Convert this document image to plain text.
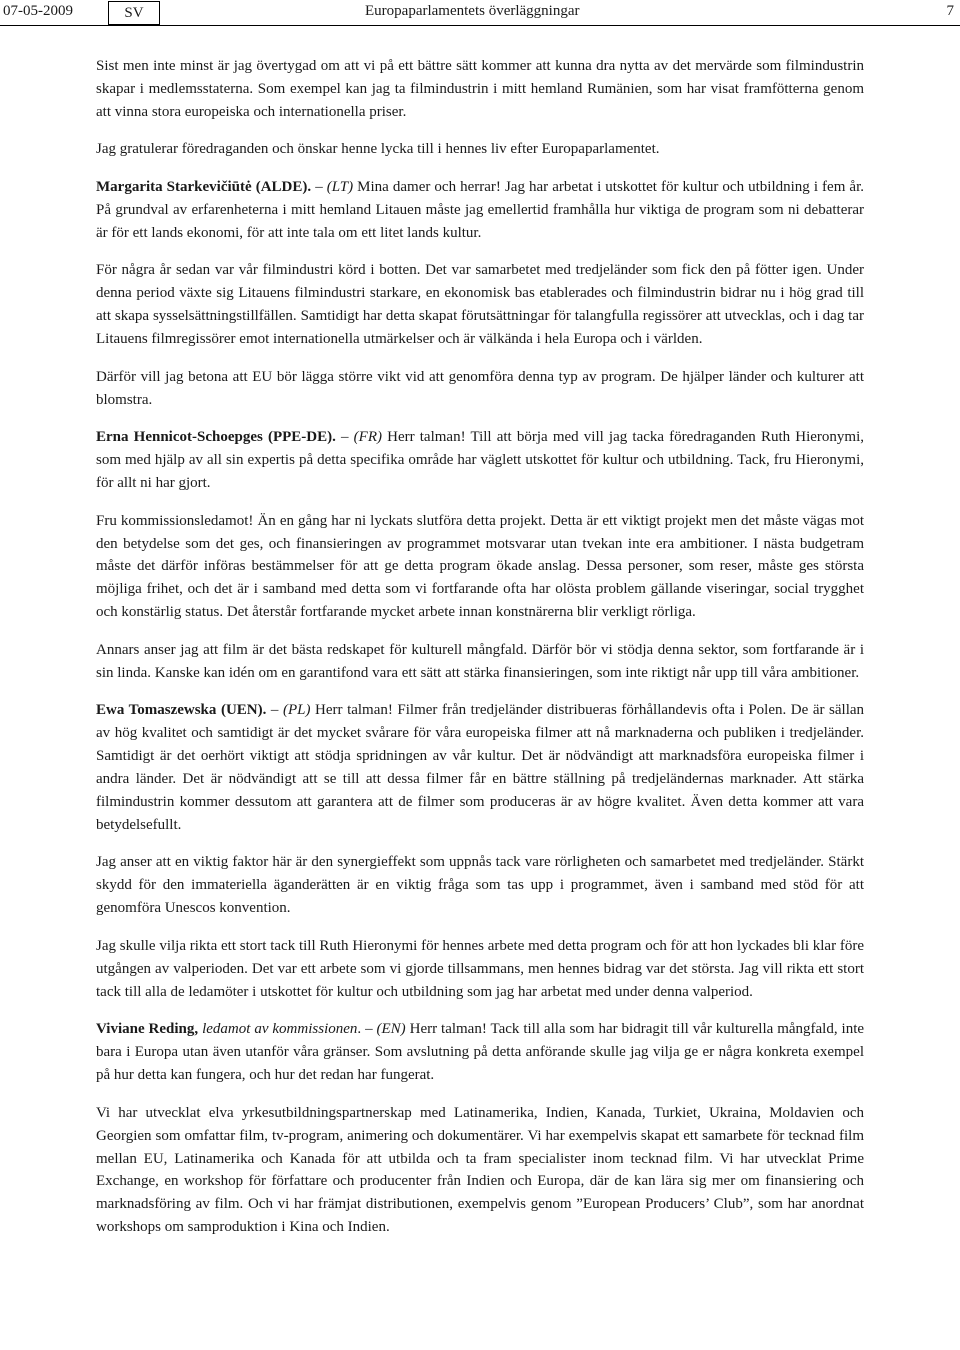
07-05-2009	SV	Europaparlamentets överläggningar	7

Sist men inte minst är jag övertygad om att vi på ett bättre sätt kommer att kunna dra nytta av det mervärde som filmindustrin skapar i medlemsstaterna. Som exempel kan jag ta filmindustrin i mitt hemland Rumänien, som har visat framfötterna genom att vinna stora europeiska och internationella priser.

Jag gratulerar föredraganden och önskar henne lycka till i hennes liv efter Europaparlamentet.

Margarita Starkevičiūtė (ALDE). – (LT) Mina damer och herrar! Jag har arbetat i utskottet för kultur och utbildning i fem år. På grundval av erfarenheterna i mitt hemland Litauen måste jag emellertid framhålla hur viktiga de program som ni debatterar är för ett lands ekonomi, för att inte tala om ett litet lands kultur.

För några år sedan var vår filmindustri körd i botten. Det var samarbetet med tredjeländer som fick den på fötter igen. Under denna period växte sig Litauens filmindustri starkare, en ekonomisk bas etablerades och filmindustrin bidrar nu i hög grad till att skapa sysselsättningstillfällen. Samtidigt har detta skapat förutsättningar för talangfulla regissörer att utvecklas, och i dag tar Litauens filmregissörer emot internationella utmärkelser och är välkända i hela Europa och i världen.

Därför vill jag betona att EU bör lägga större vikt vid att genomföra denna typ av program. De hjälper länder och kulturer att blomstra.

Erna Hennicot-Schoepges (PPE-DE). – (FR) Herr talman! Till att börja med vill jag tacka föredraganden Ruth Hieronymi, som med hjälp av all sin expertis på detta specifika område har väglett utskottet för kultur och utbildning. Tack, fru Hieronymi, för allt ni har gjort.

Fru kommissionsledamot! Än en gång har ni lyckats slutföra detta projekt. Detta är ett viktigt projekt men det måste vägas mot den betydelse som det ges, och finansieringen av programmet motsvarar utan tvekan inte era ambitioner. I nästa budgetram måste det därför införas bestämmelser för att ge detta program ökade anslag. Dessa personer, som reser, måste ges största möjliga frihet, och det är i samband med detta som vi fortfarande ofta har olösta problem gällande viseringar, social trygghet och konstärlig status. Det återstår fortfarande mycket arbete innan konstnärerna blir verkligt rörliga.

Annars anser jag att film är det bästa redskapet för kulturell mångfald. Därför bör vi stödja denna sektor, som fortfarande är i sin linda. Kanske kan idén om en garantifond vara ett sätt att stärka finansieringen, som inte riktigt når upp till våra ambitioner.

Ewa Tomaszewska (UEN). – (PL) Herr talman! Filmer från tredjeländer distribueras förhållandevis ofta i Polen. De är sällan av hög kvalitet och samtidigt är det mycket svårare för våra europeiska filmer att nå marknaderna och publiken i tredjeländer. Samtidigt är det oerhört viktigt att stödja spridningen av vår kultur. Det är nödvändigt att marknadsföra europeiska filmer i andra länder. Det är nödvändigt att se till att dessa filmer får en bättre ställning på tredjeländernas marknader. Att stärka filmindustrin kommer dessutom att garantera att de filmer som produceras är av högre kvalitet. Även detta kommer att vara betydelsefullt.

Jag anser att en viktig faktor här är den synergieffekt som uppnås tack vare rörligheten och samarbetet med tredjeländer. Stärkt skydd för den immateriella äganderätten är en viktig fråga som tas upp i programmet, även i samband med stöd för att genomföra Unescos konvention.

Jag skulle vilja rikta ett stort tack till Ruth Hieronymi för hennes arbete med detta program och för att hon lyckades bli klar före utgången av valperioden. Det var ett arbete som vi gjorde tillsammans, men hennes bidrag var det största. Jag vill rikta ett stort tack till alla de ledamöter i utskottet för kultur och utbildning som jag har arbetat med under denna valperiod.

Viviane Reding, ledamot av kommissionen. – (EN) Herr talman! Tack till alla som har bidragit till vår kulturella mångfald, inte bara i Europa utan även utanför våra gränser. Som avslutning på detta anförande skulle jag vilja ge er några konkreta exempel på hur detta kan fungera, och hur det redan har fungerat.

Vi har utvecklat elva yrkesutbildningspartnerskap med Latinamerika, Indien, Kanada, Turkiet, Ukraina, Moldavien och Georgien som omfattar film, tv-program, animering och dokumentärer. Vi har exempelvis skapat ett samarbete för tecknad film mellan EU, Latinamerika och Kanada för att utbilda och ta fram specialister inom tecknad film. Vi har utvecklat Prime Exchange, en workshop för författare och producenter från Indien och Europa, där de kan lära sig mer om finansiering och marknadsföring av film. Och vi har främjat distributionen, exempelvis genom ”European Producers’ Club”, som har anordnat workshops om samproduktion i Kina och Indien.
